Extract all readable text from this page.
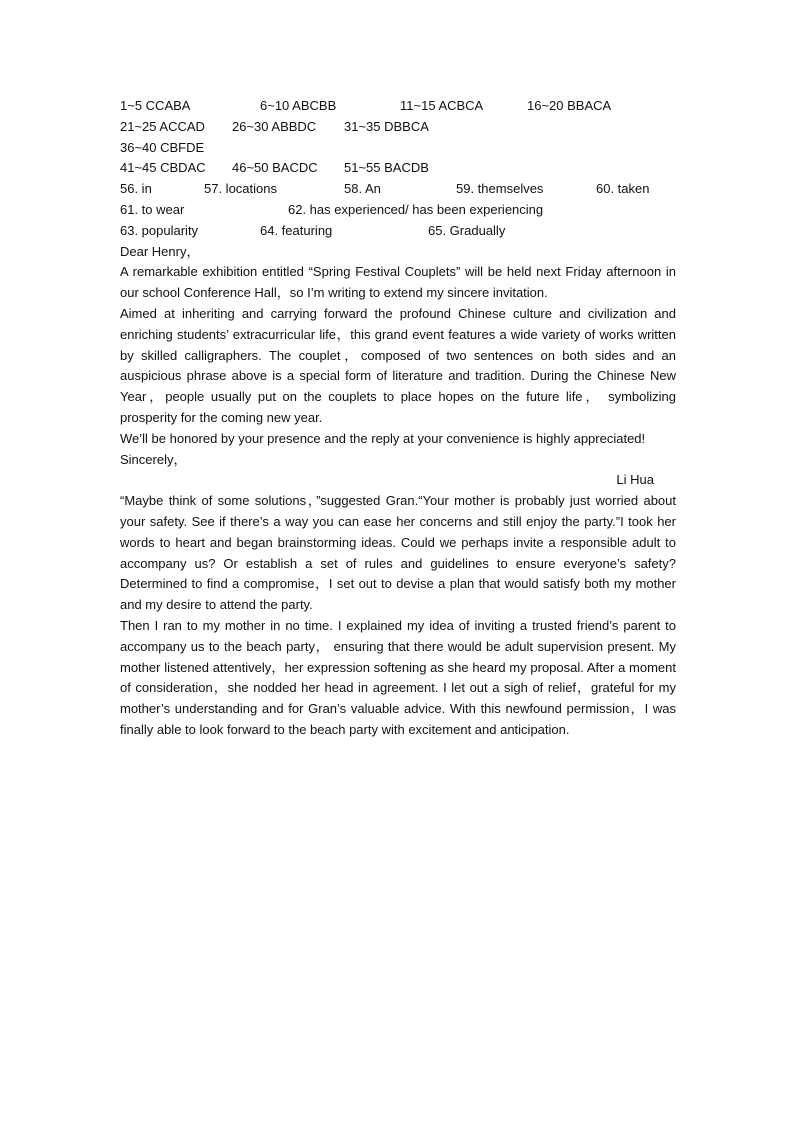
1~5 CCABA	6~10 ABCBB	11~15 ACBCA	16~20 BBACA
21~25 ACCAD 26~30 ABBDC 31~35 DBBCA
36~40 CBFDE
41~45 CBDAC 46~50 BACDC 51~55 BACDB
56. in	57. locations	58. An	59. themselves	60. taken
61. to wear	62. has experienced/ has been experiencing
63. popularity	64. featuring	65. Gradually
Dear Henry，

A remarkable exhibition entitled “Spring Festival Couplets” will be held next Friday afternoon in our school Conference Hall，so I’m writing to extend my sincere invitation.

Aimed at inheriting and carrying forward the profound Chinese culture and civilization and enriching students’ extracurricular life，this grand event features a wide variety of works written by skilled calligraphers. The couplet，composed of two sentences on both sides and an auspicious phrase above is a special form of literature and tradition. During the Chinese New Year，people usually put on the couplets to place hopes on the future life， symbolizing prosperity for the coming new year.

We’ll be honored by your presence and the reply at your convenience is highly appreciated!

Sincerely，
Li Hua

“Maybe think of some solutions，”suggested Gran.“Your mother is probably just worried about your safety. See if there’s a way you can ease her concerns and still enjoy the party.”I took her words to heart and began brainstorming ideas. Could we perhaps invite a responsible adult to accompany us? Or establish a set of rules and guidelines to ensure everyone’s safety? Determined to find a compromise，I set out to devise a plan that would satisfy both my mother and my desire to attend the party.

Then I ran to my mother in no time. I explained my idea of inviting a trusted friend’s parent to accompany us to the beach party， ensuring that there would be adult supervision present. My mother listened attentively，her expression softening as she heard my proposal. After a moment of consideration，she nodded her head in agreement. I let out a sigh of relief，grateful for my mother’s understanding and for Gran’s valuable advice. With this newfound permission，I was finally able to look forward to the beach party with excitement and anticipation.
